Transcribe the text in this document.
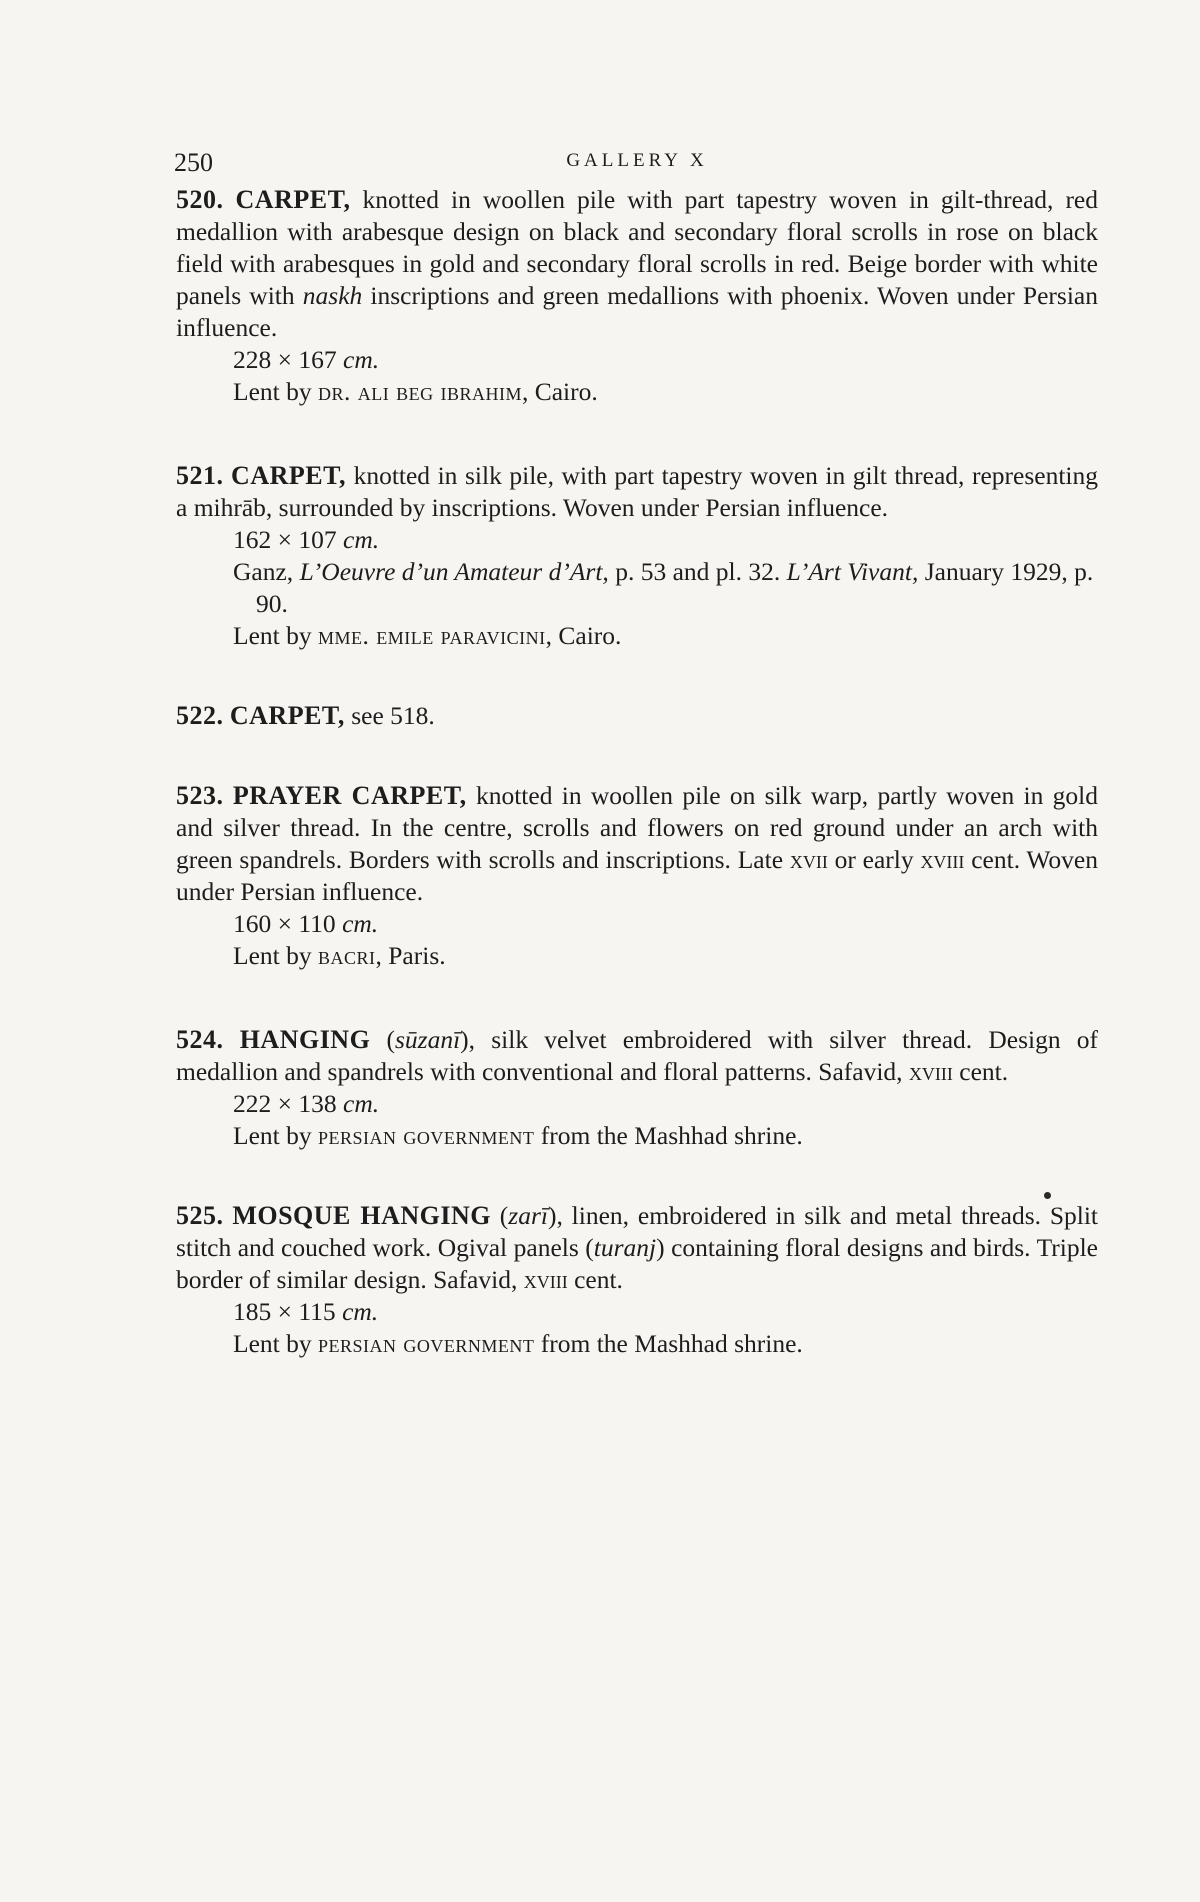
250	GALLERY X

520. CARPET, knotted in woollen pile with part tapestry woven in gilt-thread, red medallion with arabesque design on black and secondary floral scrolls in rose on black field with arabesques in gold and secondary floral scrolls in red. Beige border with white panels with naskh inscriptions and green medallions with phoenix. Woven under Persian influence.

228 × 167 cm.

Lent by dr. ali beg ibrahim, Cairo.

521. CARPET, knotted in silk pile, with part tapestry woven in gilt thread, representing a mihrāb, surrounded by inscriptions. Woven under Persian influence.

162 × 107 cm.

Ganz, L’Oeuvre d’un Amateur d’Art, p. 53 and pl. 32. L’Art Vivant, January 1929, p. 90.

Lent by mme. emile paravicini, Cairo.

522. CARPET, see 518.

523. PRAYER CARPET, knotted in woollen pile on silk warp, partly woven in gold and silver thread. In the centre, scrolls and flowers on red ground under an arch with green spandrels. Borders with scrolls and inscriptions. Late xvii or early xviii cent. Woven under Persian influence.

160 × 110 cm.

Lent by bacri, Paris.

524. HANGING (sūzanī), silk velvet embroidered with silver thread. Design of medallion and spandrels with conventional and floral patterns. Safavid, xviii cent.

222 × 138 cm.

Lent by persian government from the Mashhad shrine.

525. MOSQUE HANGING (zarī), linen, embroidered in silk and metal threads. Split stitch and couched work. Ogival panels (turanj) containing floral designs and birds. Triple border of similar design. Safavid, xviii cent.

185 × 115 cm.

Lent by persian government from the Mashhad shrine.
